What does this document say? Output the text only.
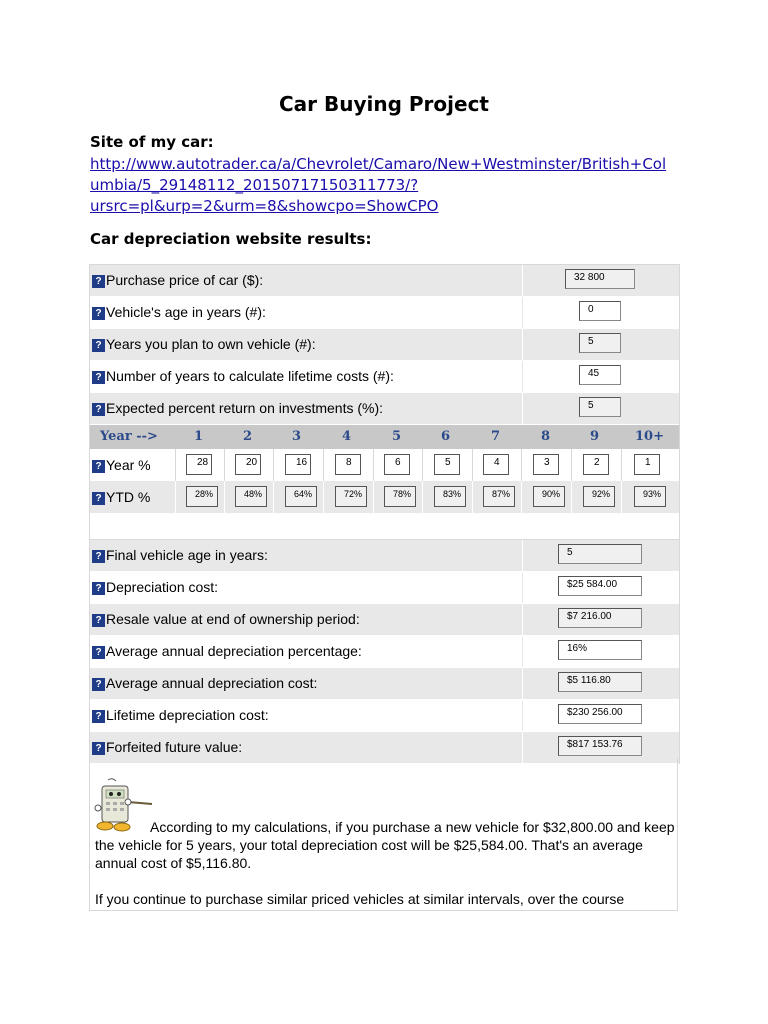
Car Buying Project
Site of my car:
http://www.autotrader.ca/a/Chevrolet/Camaro/New+Westminster/British+Col
umbia/5_29148112_20150717150311773/?
ursrc=pl&urp=2&urm=8&showcpo=ShowCPO
Car depreciation website results:
? Purchase price of car ($):	32 800
? Vehicle's age in years (#):	0
? Years you plan to own vehicle (#):	5
? Number of years to calculate lifetime costs (#):	45
? Expected percent return on investments (%):	5
Year -->	1	2	3	4	5	6	7	8	9	10+
? Year %	28	20	16	8	6	5	4	3	2	1
? YTD %	28%	48%	64%	72%	78%	83%	87%	90%	92%	93%
? Final vehicle age in years:	5
? Depreciation cost:	$25 584.00
? Resale value at end of ownership period:	$7 216.00
? Average annual depreciation percentage:	16%
? Average annual depreciation cost:	$5 116.80
? Lifetime depreciation cost:	$230 256.00
? Forfeited future value:	$817 153.76
According to my calculations, if you purchase a new vehicle for $32,800.00 and keep the vehicle for 5 years, your total depreciation cost will be $25,584.00. That's an average annual cost of $5,116.80.
If you continue to purchase similar priced vehicles at similar intervals, over the course
